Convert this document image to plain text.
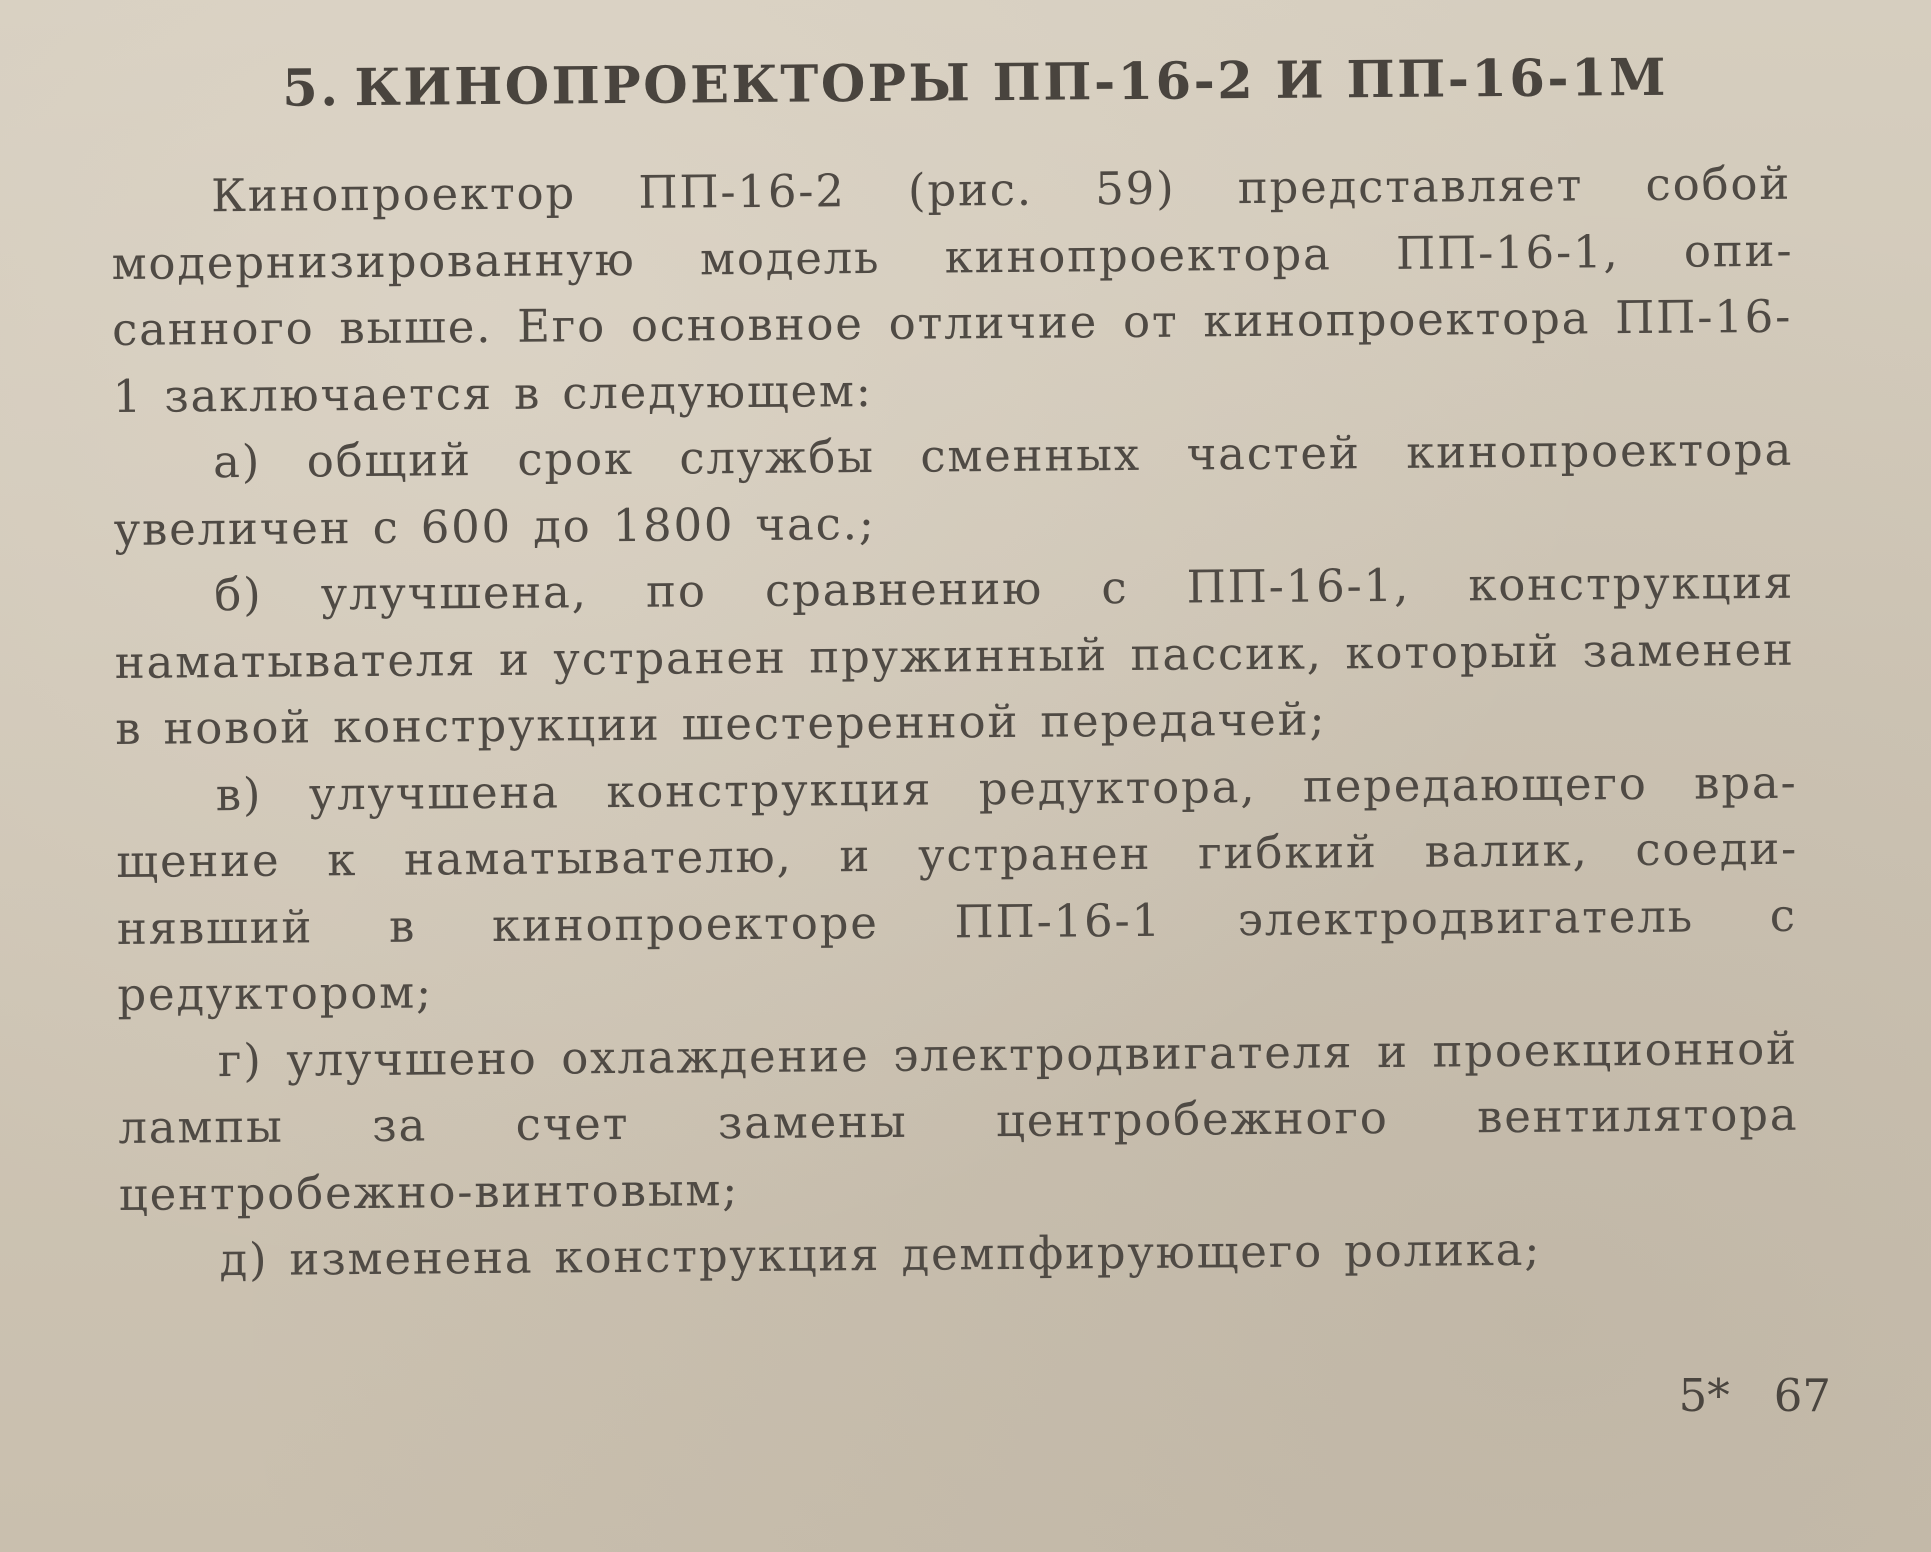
5. КИНОПРОЕКТОРЫ ПП-16-2 И ПП-16-1М

Кинопроектор ПП-16-2 (рис. 59) представляет собой модернизированную модель кинопроектора ПП-16-1, описанного выше. Его основное отличие от кинопроектора ПП-16-1 заключается в следующем:

а) общий срок службы сменных частей кинопроектора увеличен с 600 до 1800 час.;

б) улучшена, по сравнению с ПП-16-1, конструкция наматывателя и устранен пружинный пассик, который заменен в новой конструкции шестеренной передачей;

в) улучшена конструкция редуктора, передающего вращение к наматывателю, и устранен гибкий валик, соединявший в кинопроекторе ПП-16-1 электродвигатель с редуктором;

г) улучшено охлаждение электродвигателя и проекционной лампы за счет замены центробежного вентилятора центробежно-винтовым;

д) изменена конструкция демпфирующего ролика;

5* 67
